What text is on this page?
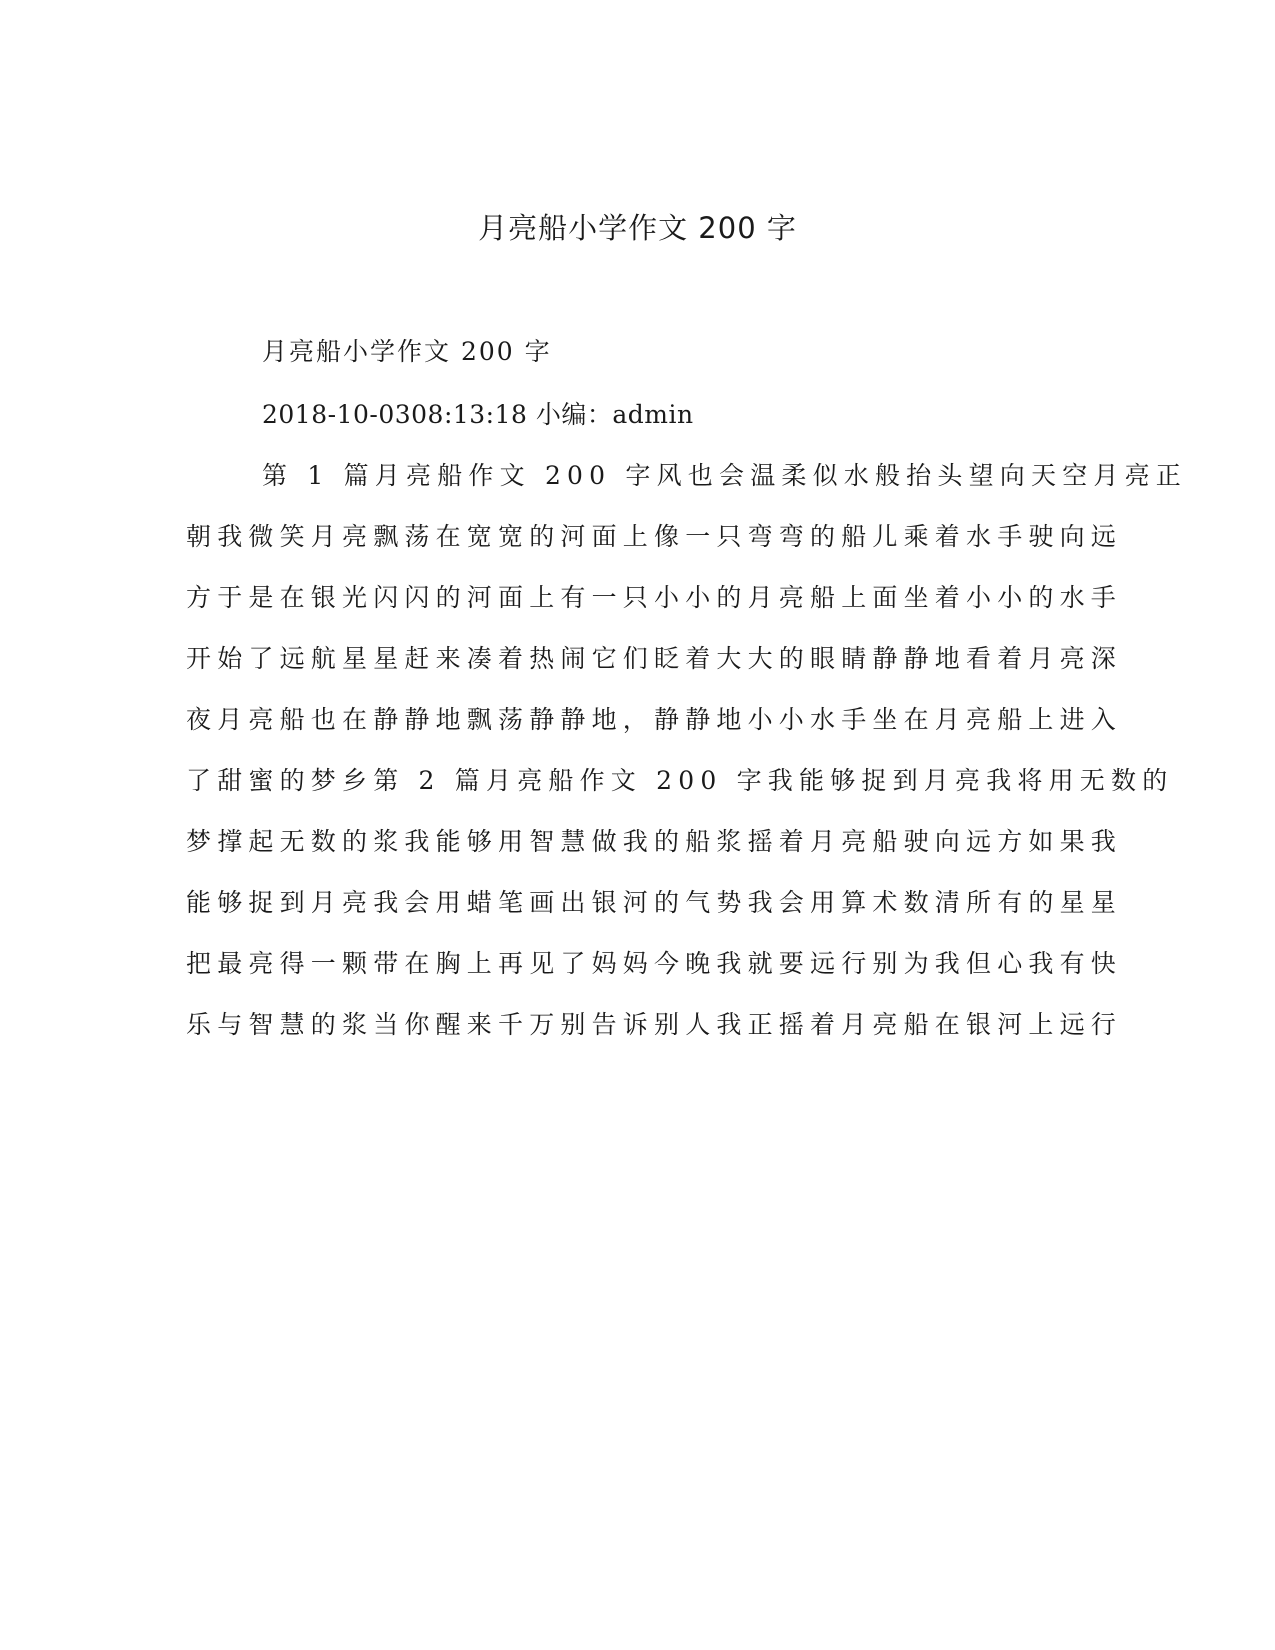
月亮船小学作文 200 字

月亮船小学作文 200 字

2018-10-0308:13:18 小编：admin

第 1 篇月亮船作文 200 字风也会温柔似水般抬头望向天空月亮正

朝我微笑月亮飘荡在宽宽的河面上像一只弯弯的船儿乘着水手驶向远

方于是在银光闪闪的河面上有一只小小的月亮船上面坐着小小的水手

开始了远航星星赶来凑着热闹它们眨着大大的眼睛静静地看着月亮深

夜月亮船也在静静地飘荡静静地，静静地小小水手坐在月亮船上进入

了甜蜜的梦乡第 2 篇月亮船作文 200 字我能够捉到月亮我将用无数的

梦撑起无数的浆我能够用智慧做我的船浆摇着月亮船驶向远方如果我

能够捉到月亮我会用蜡笔画出银河的气势我会用算术数清所有的星星

把最亮得一颗带在胸上再见了妈妈今晚我就要远行别为我但心我有快

乐与智慧的浆当你醒来千万别告诉别人我正摇着月亮船在银河上远行
